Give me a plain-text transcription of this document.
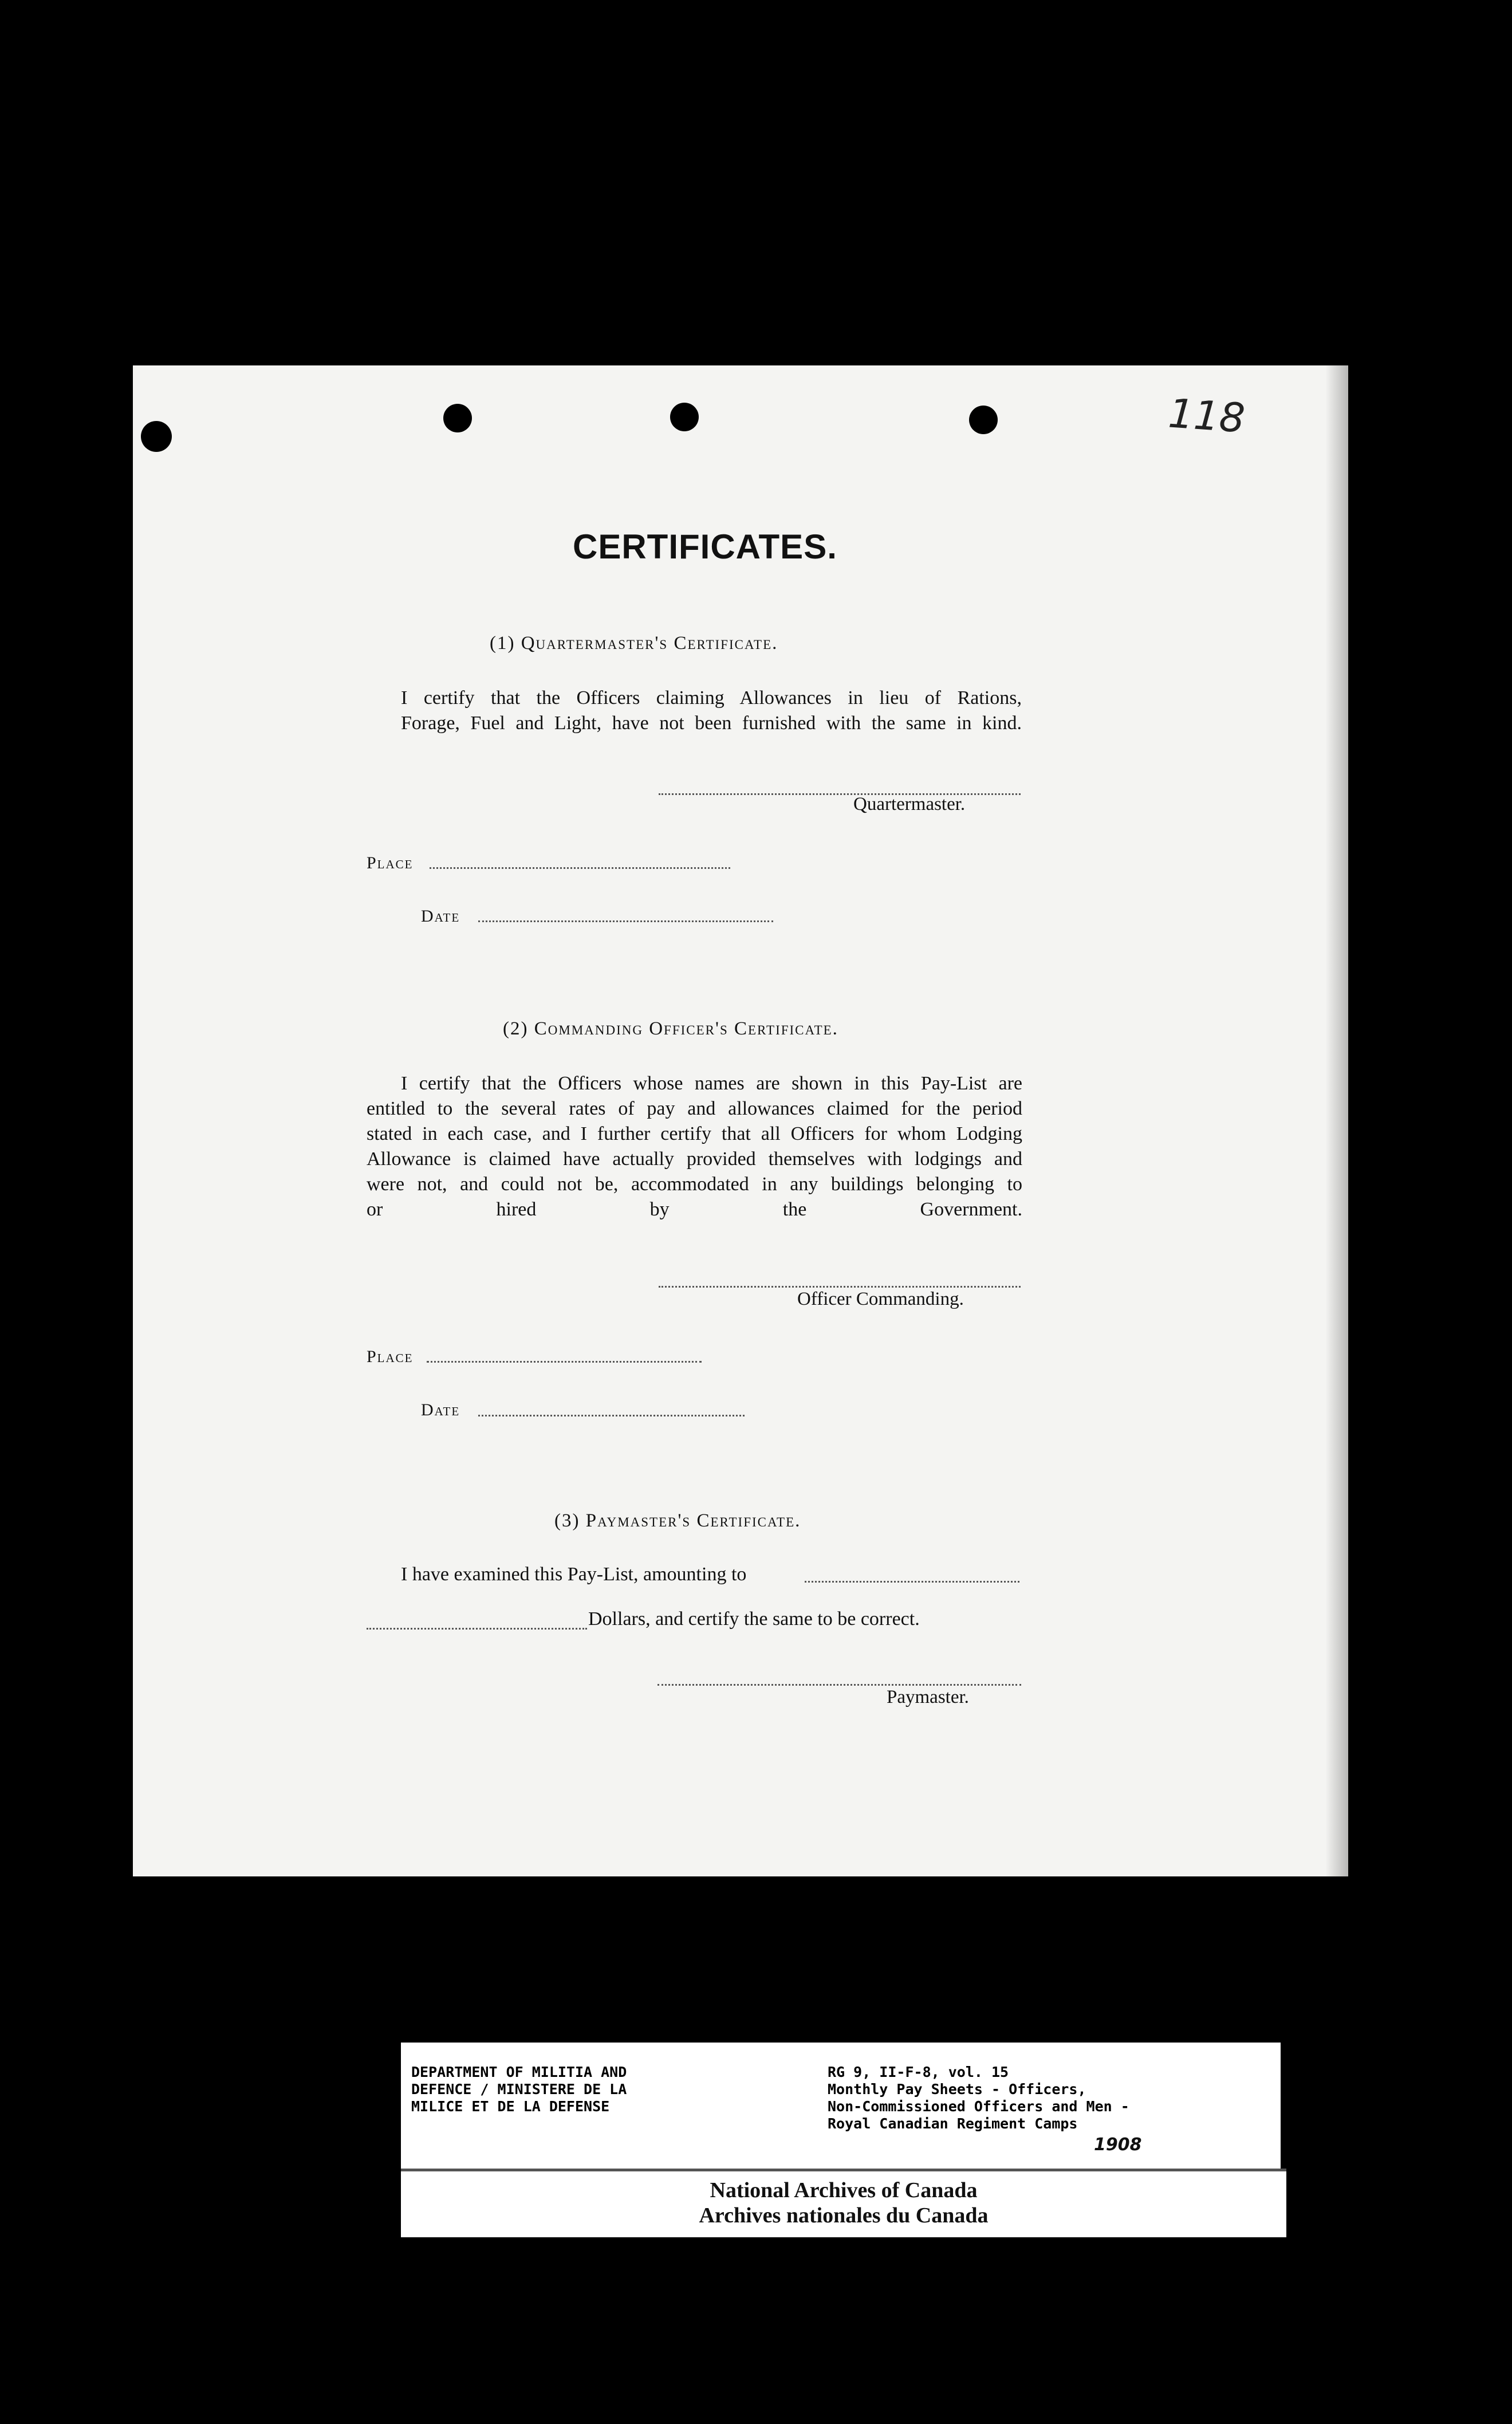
118
CERTIFICATES.
(1) Quartermaster's Certificate.
I certify that the Officers claiming Allowances in lieu of Rations,
Forage, Fuel and Light, have not been furnished with the same in kind.
Quartermaster.
Place
Date
(2) Commanding Officer's Certificate.
I certify that the Officers whose names are shown in this Pay-List are
entitled to the several rates of pay and allowances claimed for the period
stated in each case, and I further certify that all Officers for whom Lodging
Allowance is claimed have actually provided themselves with lodgings and
were not, and could not be, accommodated in any buildings belonging to
or hired by the Government.
Officer Commanding.
Place
Date
(3) Paymaster's Certificate.
I have examined this Pay-List, amounting to
Dollars, and certify the same to be correct.
Paymaster.
DEPARTMENT OF MILITIA AND
DEFENCE / MINISTERE DE LA
MILICE ET DE LA DEFENSE
RG 9, II-F-8, vol. 15
Monthly Pay Sheets - Officers,
Non-Commissioned Officers and Men -
Royal Canadian Regiment Camps
1908
National Archives of Canada
Archives nationales du Canada
